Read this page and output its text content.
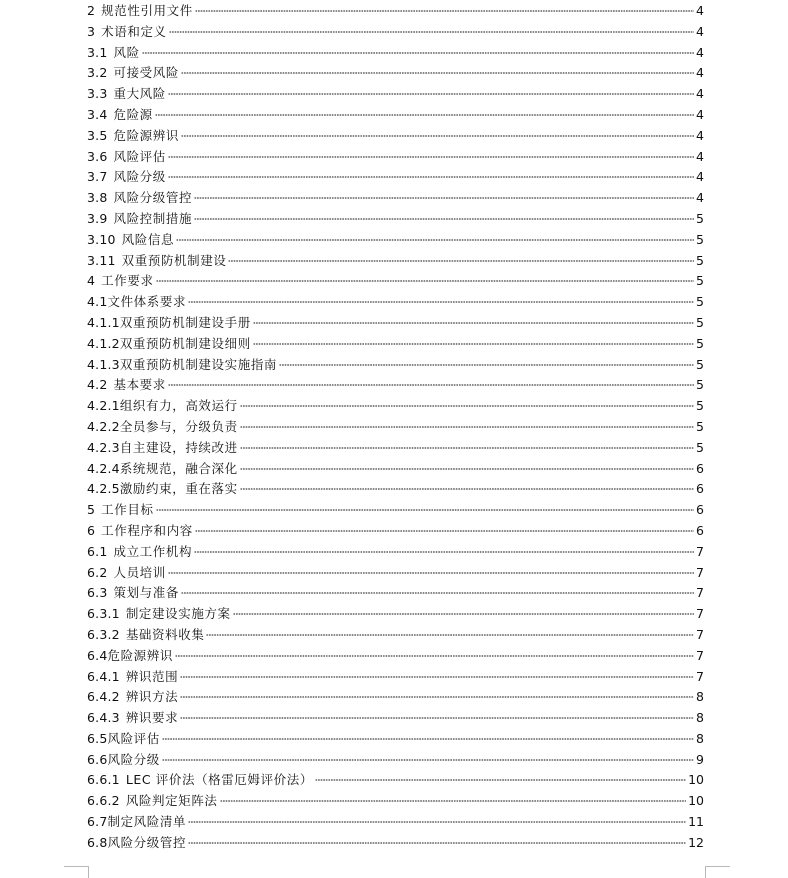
2 规范性引用文件	4
3 术语和定义	4
3.1 风险	4
3.2 可接受风险	4
3.3 重大风险	4
3.4 危险源	4
3.5 危险源辨识	4
3.6 风险评估	4
3.7 风险分级	4
3.8 风险分级管控	4
3.9 风险控制措施	5
3.10 风险信息	5
3.11 双重预防机制建设	5
4 工作要求	5
4.1 文件体系要求	5
4.1.1 双重预防机制建设手册	5
4.1.2 双重预防机制建设细则	5
4.1.3 双重预防机制建设实施指南	5
4.2 基本要求	5
4.2.1 组织有力，高效运行	5
4.2.2 全员参与，分级负责	5
4.2.3 自主建设，持续改进	5
4.2.4 系统规范，融合深化	6
4.2.5 激励约束，重在落实	6
5 工作目标	6
6 工作程序和内容	6
6.1 成立工作机构	7
6.2 人员培训	7
6.3 策划与准备	7
6.3.1 制定建设实施方案	7
6.3.2 基础资料收集	7
6.4 危险源辨识	7
6.4.1 辨识范围	7
6.4.2 辨识方法	8
6.4.3 辨识要求	8
6.5 风险评估	8
6.6 风险分级	9
6.6.1 LEC 评价法（格雷厄姆评价法）	10
6.6.2 风险判定矩阵法	10
6.7 制定风险清单	11
6.8 风险分级管控	12
